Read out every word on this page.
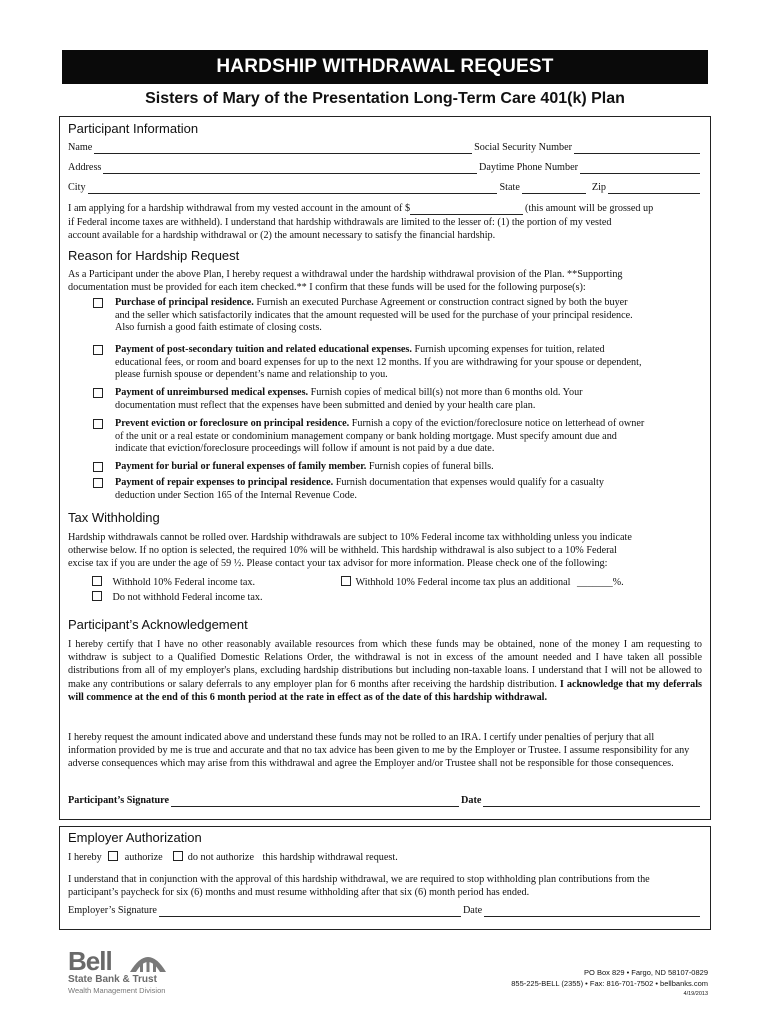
HARDSHIP WITHDRAWAL REQUEST
Sisters of Mary of the Presentation Long-Term Care 401(k) Plan
Participant Information
Name	Social Security Number
Address	Daytime Phone Number
City	State	Zip
I am applying for a hardship withdrawal from my vested account in the amount of $	(this amount will be grossed up
if Federal income taxes are withheld). I understand that hardship withdrawals are limited to the lesser of: (1) the portion of my vested
account available for a hardship withdrawal or (2) the amount necessary to satisfy the financial hardship.
Reason for Hardship Request
As a Participant under the above Plan, I hereby request a withdrawal under the hardship withdrawal provision of the Plan. **Supporting
documentation must be provided for each item checked.** I confirm that these funds will be used for the following purpose(s):
Purchase of principal residence. Furnish an executed Purchase Agreement or construction contract signed by both the buyer
and the seller which satisfactorily indicates that the amount requested will be used for the purchase of your principal residence.
Also furnish a good faith estimate of closing costs.
Payment of post-secondary tuition and related educational expenses. Furnish upcoming expenses for tuition, related
educational fees, or room and board expenses for up to the next 12 months. If you are withdrawing for your spouse or dependent,
please furnish spouse or dependent’s name and relationship to you.
Payment of unreimbursed medical expenses. Furnish copies of medical bill(s) not more than 6 months old. Your
documentation must reflect that the expenses have been submitted and denied by your health care plan.
Prevent eviction or foreclosure on principal residence. Furnish a copy of the eviction/foreclosure notice on letterhead of owner
of the unit or a real estate or condominium management company or bank holding mortgage. Must specify amount due and
indicate that eviction/foreclosure proceedings will follow if amount is not paid by a due date.
Payment for burial or funeral expenses of family member. Furnish copies of funeral bills.
Payment of repair expenses to principal residence. Furnish documentation that expenses would qualify for a casualty
deduction under Section 165 of the Internal Revenue Code.
Tax Withholding
Hardship withdrawals cannot be rolled over. Hardship withdrawals are subject to 10% Federal income tax withholding unless you indicate
otherwise below. If no option is selected, the required 10% will be withheld. This hardship withdrawal is also subject to a 10% Federal
excise tax if you are under the age of 59 ½. Please contact your tax advisor for more information. Please check one of the following:
Withhold 10% Federal income tax.	Withhold 10% Federal income tax plus an additional _______%.
Do not withhold Federal income tax.
Participant’s Acknowledgement
I hereby certify that I have no other reasonably available resources from which these funds may be obtained, none of the money I am requesting to withdraw is subject to a Qualified Domestic Relations Order, the withdrawal is not in excess of the amount needed and I have taken all possible distributions from all of my employer's plans, excluding hardship distributions but including non-taxable loans. I understand that I will not be allowed to make any contributions or salary deferrals to any employer plan for 6 months after receiving the hardship distribution. I acknowledge that my deferrals will commence at the end of this 6 month period at the rate in effect as of the date of this hardship withdrawal.
I hereby request the amount indicated above and understand these funds may not be rolled to an IRA. I certify under penalties of perjury that all information provided by me is true and accurate and that no tax advice has been given to me by the Employer or Trustee. I assume responsibility for any adverse consequences which may arise from this withdrawal and agree the Employer and/or Trustee shall not be responsible for those consequences.
Participant’s Signature	Date
Employer Authorization
I hereby authorize do not authorize this hardship withdrawal request.
I understand that in conjunction with the approval of this hardship withdrawal, we are required to stop withholding plan contributions from the participant’s paycheck for six (6) months and must resume withholding after that six (6) month period has ended.
Employer’s Signature	Date
Bell
State Bank & Trust
Wealth Management Division
PO Box 829 • Fargo, ND 58107-0829
855-225-BELL (2355) • Fax: 816-701-7502 • bellbanks.com
4/19/2013
